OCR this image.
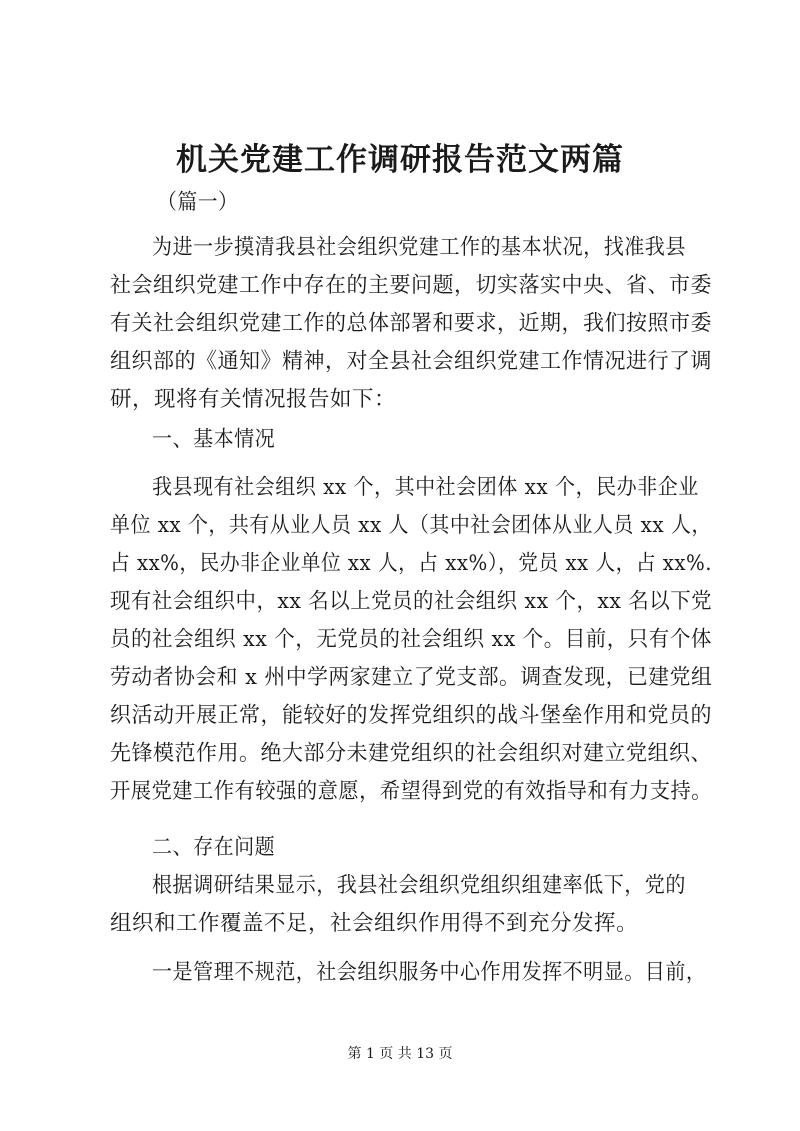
机关党建工作调研报告范文两篇
（篇一）
为进一步摸清我县社会组织党建工作的基本状况，找准我县
社会组织党建工作中存在的主要问题，切实落实中央、省、市委
有关社会组织党建工作的总体部署和要求，近期，我们按照市委
组织部的《通知》精神，对全县社会组织党建工作情况进行了调
研，现将有关情况报告如下：
一、基本情况
我县现有社会组织 xx 个，其中社会团体 xx 个，民办非企业
单位 xx 个，共有从业人员 xx 人（其中社会团体从业人员 xx 人，
占 xx%，民办非企业单位 xx 人，占 xx%），党员 xx 人，占 xx%.
现有社会组织中，xx 名以上党员的社会组织 xx 个，xx 名以下党
员的社会组织 xx 个，无党员的社会组织 xx 个。目前，只有个体
劳动者协会和 x 州中学两家建立了党支部。调查发现，已建党组
织活动开展正常，能较好的发挥党组织的战斗堡垒作用和党员的
先锋模范作用。绝大部分未建党组织的社会组织对建立党组织、
开展党建工作有较强的意愿，希望得到党的有效指导和有力支持。
二、存在问题
根据调研结果显示，我县社会组织党组织组建率低下，党的
组织和工作覆盖不足，社会组织作用得不到充分发挥。
一是管理不规范，社会组织服务中心作用发挥不明显。目前，
第 1 页 共 13 页
